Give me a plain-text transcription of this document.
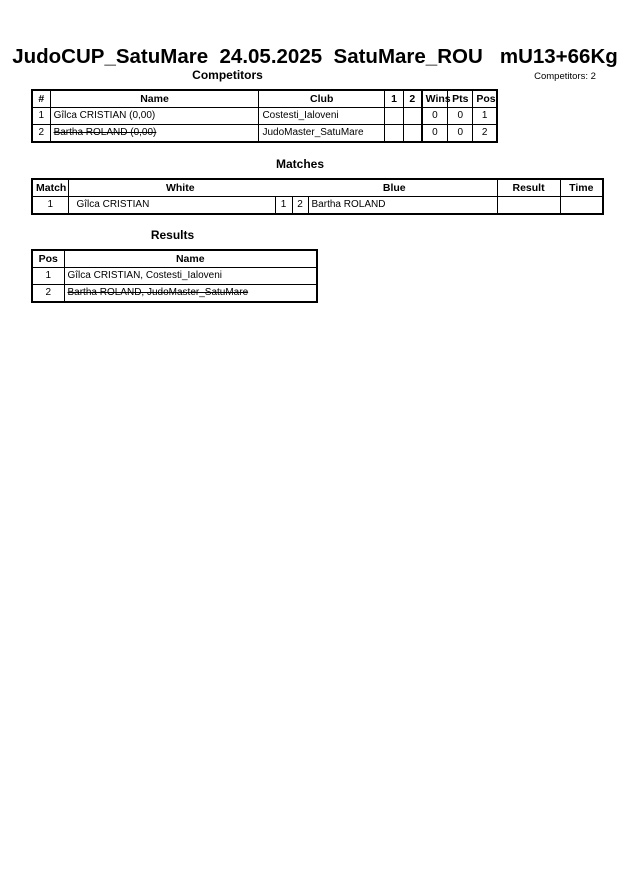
JudoCUP_SatuMare  24.05.2025  SatuMare_ROU   mU13+66Kg
Competitors	Competitors: 2
#	Name	Club	1	2	Wins	Pts	Pos
1	Gîlca CRISTIAN (0,00)	Costesti_Ialoveni			0	0	1
2	Bartha ROLAND (0,00)	JudoMaster_SatuMare			0	0	2
Matches
Match	White		Blue		Result	Time
1	Gîlca CRISTIAN	1	2	Bartha ROLAND		
Results
Pos	Name
1	Gîlca CRISTIAN, Costesti_Ialoveni
2	Bartha ROLAND, JudoMaster_SatuMare
